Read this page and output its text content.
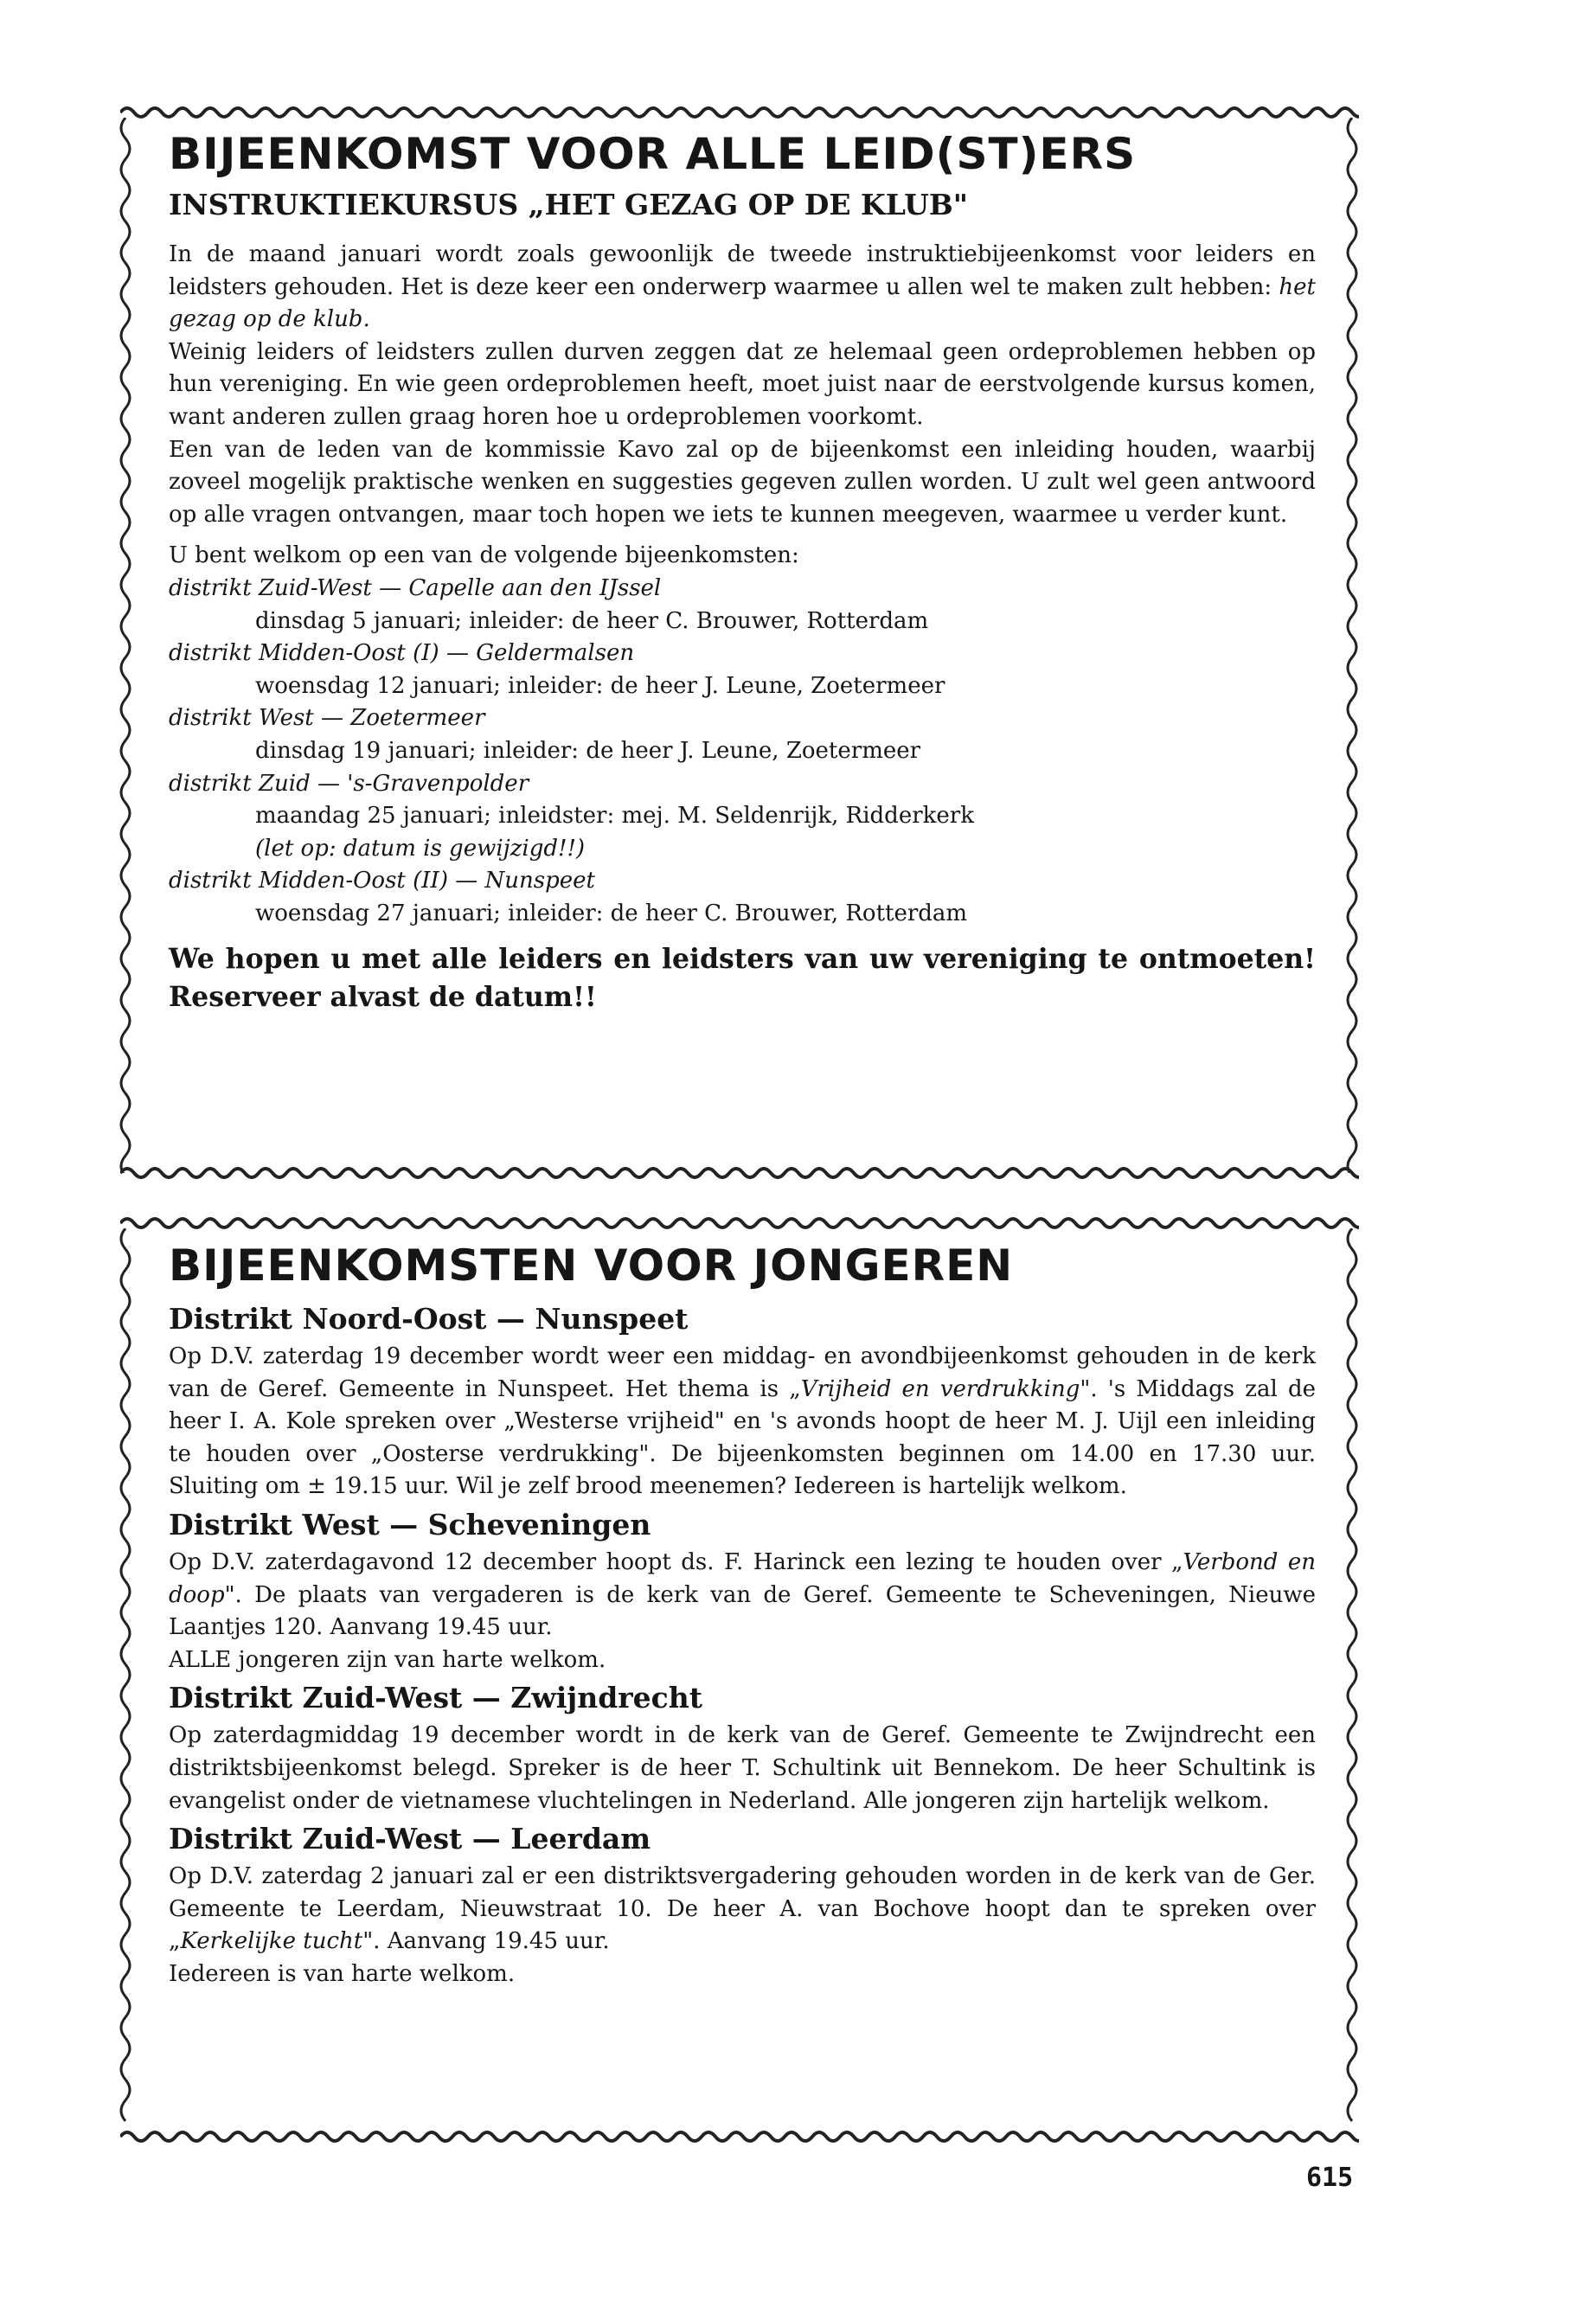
BIJEENKOMST VOOR ALLE LEID(ST)ERS
INSTRUKTIEKURSUS „HET GEZAG OP DE KLUB"

In de maand januari wordt zoals gewoonlijk de tweede instruktiebijeenkomst voor leiders en leidsters gehouden. Het is deze keer een onderwerp waarmee u allen wel te maken zult hebben: het gezag op de klub.

Weinig leiders of leidsters zullen durven zeggen dat ze helemaal geen ordeproblemen hebben op hun vereniging. En wie geen ordeproblemen heeft, moet juist naar de eerstvolgende kursus komen, want anderen zullen graag horen hoe u ordeproblemen voorkomt.

Een van de leden van de kommissie Kavo zal op de bijeenkomst een inleiding houden, waarbij zoveel mogelijk praktische wenken en suggesties gegeven zullen worden. U zult wel geen antwoord op alle vragen ontvangen, maar toch hopen we iets te kunnen meegeven, waarmee u verder kunt.

U bent welkom op een van de volgende bijeenkomsten:

distrikt Zuid-West — Capelle aan den IJssel

dinsdag 5 januari; inleider: de heer C. Brouwer, Rotterdam

distrikt Midden-Oost (I) — Geldermalsen

woensdag 12 januari; inleider: de heer J. Leune, Zoetermeer

distrikt West — Zoetermeer

dinsdag 19 januari; inleider: de heer J. Leune, Zoetermeer

distrikt Zuid — 's-Gravenpolder

maandag 25 januari; inleidster: mej. M. Seldenrijk, Ridderkerk

(let op: datum is gewijzigd!!)

distrikt Midden-Oost (II) — Nunspeet

woensdag 27 januari; inleider: de heer C. Brouwer, Rotterdam

We hopen u met alle leiders en leidsters van uw vereniging te ontmoeten! Reserveer alvast de datum!!

BIJEENKOMSTEN VOOR JONGEREN
Distrikt Noord-Oost — Nunspeet

Op D.V. zaterdag 19 december wordt weer een middag- en avondbijeenkomst gehouden in de kerk van de Geref. Gemeente in Nunspeet. Het thema is „Vrijheid en verdrukking". 's Middags zal de heer I. A. Kole spreken over „Westerse vrijheid" en 's avonds hoopt de heer M. J. Uijl een inleiding te houden over „Oosterse verdrukking". De bijeenkomsten beginnen om 14.00 en 17.30 uur. Sluiting om ± 19.15 uur. Wil je zelf brood meenemen? Iedereen is hartelijk welkom.

Distrikt West — Scheveningen

Op D.V. zaterdagavond 12 december hoopt ds. F. Harinck een lezing te houden over „Verbond en doop". De plaats van vergaderen is de kerk van de Geref. Gemeente te Scheveningen, Nieuwe Laantjes 120. Aanvang 19.45 uur.

ALLE jongeren zijn van harte welkom.

Distrikt Zuid-West — Zwijndrecht

Op zaterdagmiddag 19 december wordt in de kerk van de Geref. Gemeente te Zwijndrecht een distriktsbijeenkomst belegd. Spreker is de heer T. Schultink uit Bennekom. De heer Schultink is evangelist onder de vietnamese vluchtelingen in Nederland. Alle jongeren zijn hartelijk welkom.

Distrikt Zuid-West — Leerdam

Op D.V. zaterdag 2 januari zal er een distriktsvergadering gehouden worden in de kerk van de Ger. Gemeente te Leerdam, Nieuwstraat 10. De heer A. van Bochove hoopt dan te spreken over „Kerkelijke tucht". Aanvang 19.45 uur.

Iedereen is van harte welkom.

615
